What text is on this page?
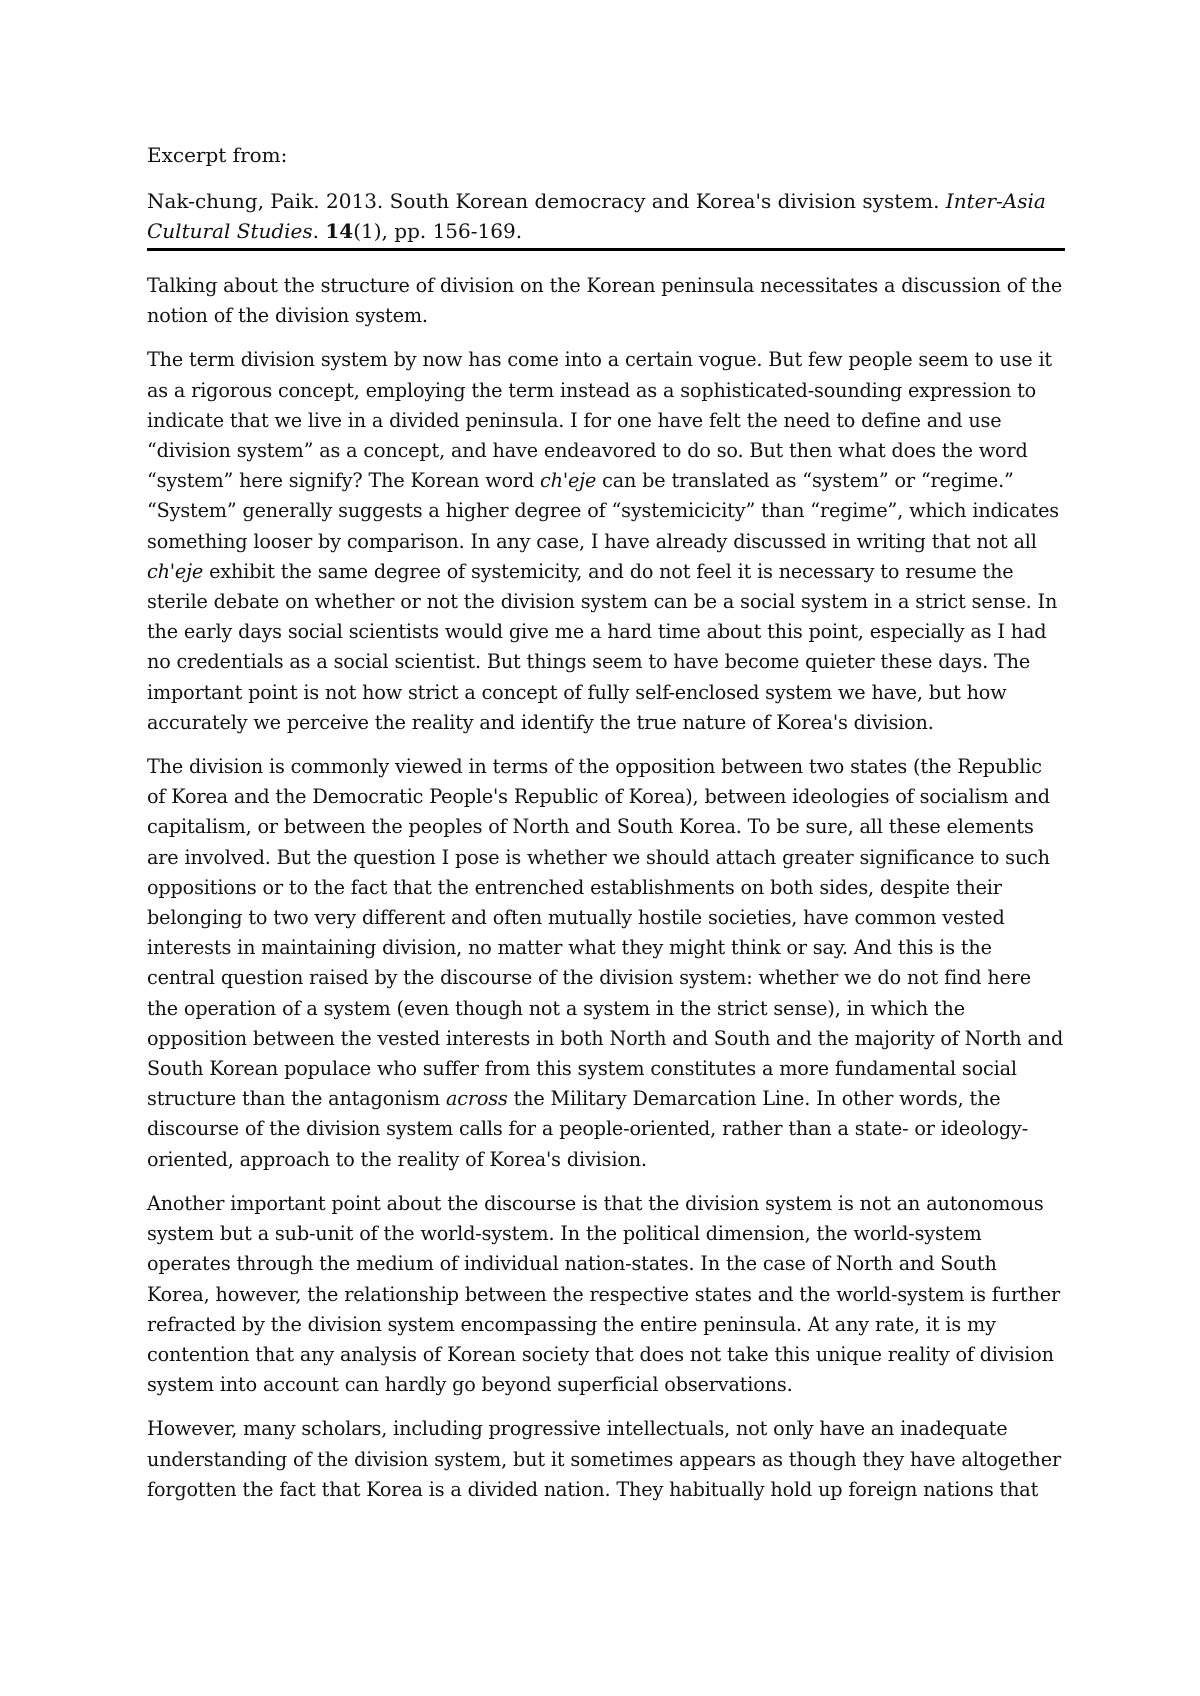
Excerpt from:

Nak-chung, Paik. 2013. South Korean democracy and Korea's division system. Inter-Asia Cultural Studies. 14(1), pp. 156-169.

Talking about the structure of division on the Korean peninsula necessitates a discussion of the notion of the division system.

The term division system by now has come into a certain vogue. But few people seem to use it as a rigorous concept, employing the term instead as a sophisticated-sounding expression to indicate that we live in a divided peninsula. I for one have felt the need to define and use “division system” as a concept, and have endeavored to do so. But then what does the word “system” here signify? The Korean word ch'eje can be translated as “system” or “regime.” “System” generally suggests a higher degree of “systemicicity” than “regime”, which indicates something looser by comparison. In any case, I have already discussed in writing that not all ch'eje exhibit the same degree of systemicity, and do not feel it is necessary to resume the sterile debate on whether or not the division system can be a social system in a strict sense. In the early days social scientists would give me a hard time about this point, especially as I had no credentials as a social scientist. But things seem to have become quieter these days. The important point is not how strict a concept of fully self-enclosed system we have, but how accurately we perceive the reality and identify the true nature of Korea's division.

The division is commonly viewed in terms of the opposition between two states (the Republic of Korea and the Democratic People's Republic of Korea), between ideologies of socialism and capitalism, or between the peoples of North and South Korea. To be sure, all these elements are involved. But the question I pose is whether we should attach greater significance to such oppositions or to the fact that the entrenched establishments on both sides, despite their belonging to two very different and often mutually hostile societies, have common vested interests in maintaining division, no matter what they might think or say. And this is the central question raised by the discourse of the division system: whether we do not find here the operation of a system (even though not a system in the strict sense), in which the opposition between the vested interests in both North and South and the majority of North and South Korean populace who suffer from this system constitutes a more fundamental social structure than the antagonism across the Military Demarcation Line. In other words, the discourse of the division system calls for a people-oriented, rather than a state- or ideology-oriented, approach to the reality of Korea's division.

Another important point about the discourse is that the division system is not an autonomous system but a sub-unit of the world-system. In the political dimension, the world-system operates through the medium of individual nation-states. In the case of North and South Korea, however, the relationship between the respective states and the world-system is further refracted by the division system encompassing the entire peninsula. At any rate, it is my contention that any analysis of Korean society that does not take this unique reality of division system into account can hardly go beyond superficial observations.

However, many scholars, including progressive intellectuals, not only have an inadequate understanding of the division system, but it sometimes appears as though they have altogether forgotten the fact that Korea is a divided nation. They habitually hold up foreign nations that
